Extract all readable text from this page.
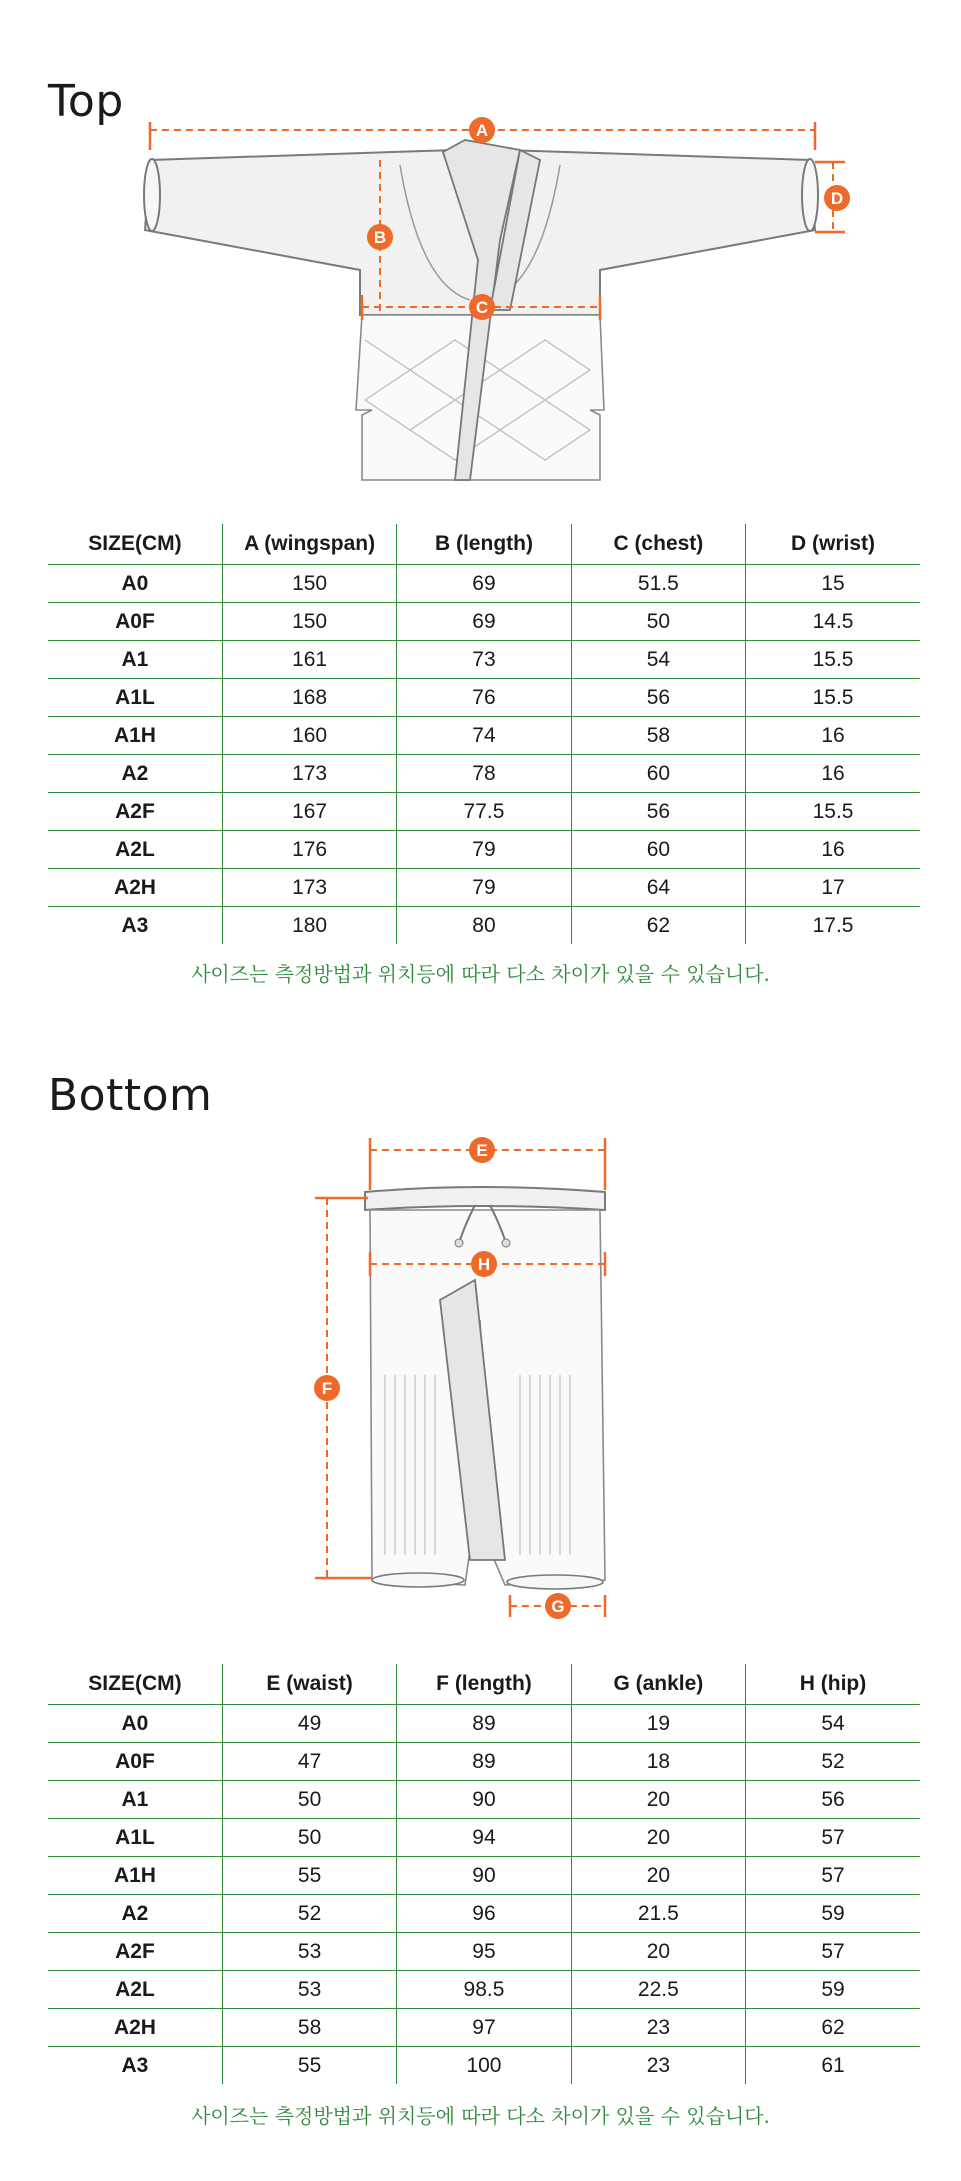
Top
A
B
C
D
SIZE(CM)	A (wingspan)	B (length)	C (chest)	D (wrist)
A0	150	69	51.5	15
A0F	150	69	50	14.5
A1	161	73	54	15.5
A1L	168	76	56	15.5
A1H	160	74	58	16
A2	173	78	60	16
A2F	167	77.5	56	15.5
A2L	176	79	60	16
A2H	173	79	64	17
A3	180	80	62	17.5
사이즈는 측정방법과 위치등에 따라 다소 차이가 있을 수 있습니다.
Bottom
E
H
F
G
SIZE(CM)	E (waist)	F (length)	G (ankle)	H (hip)
A0	49	89	19	54
A0F	47	89	18	52
A1	50	90	20	56
A1L	50	94	20	57
A1H	55	90	20	57
A2	52	96	21.5	59
A2F	53	95	20	57
A2L	53	98.5	22.5	59
A2H	58	97	23	62
A3	55	100	23	61
사이즈는 측정방법과 위치등에 따라 다소 차이가 있을 수 있습니다.
